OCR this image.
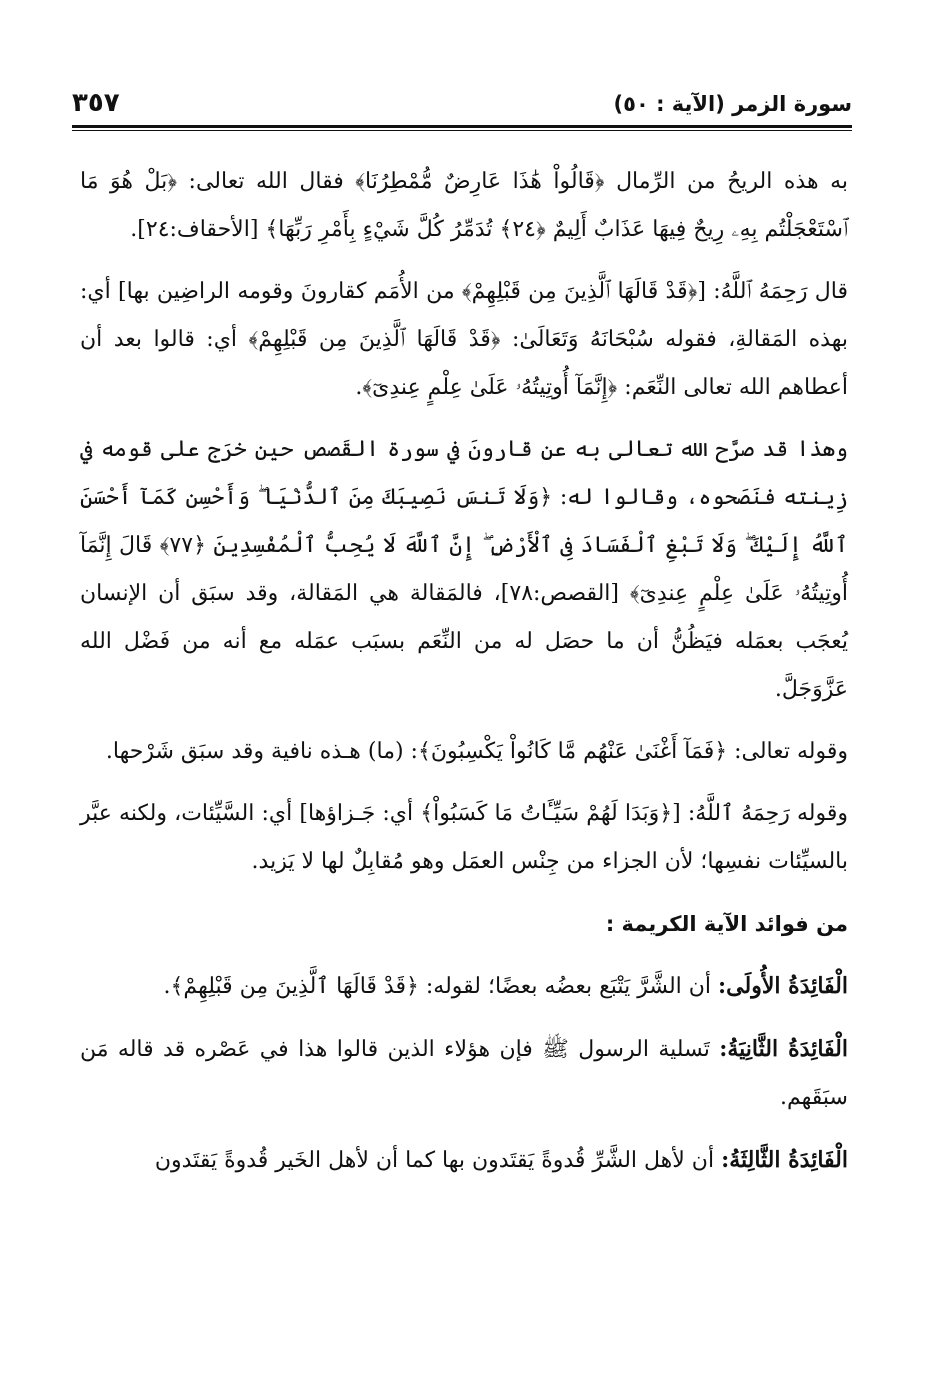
سورة الزمر (الآية : ٥٠)
٣٥٧

به هذه الريحُ من الرِّمال ﴿قَالُواْ هَٰذَا عَارِضٌ مُّمْطِرُنَا﴾ فقال الله تعالى: ﴿بَلْ هُوَ مَا ٱسْتَعْجَلْتُم بِهِۦ رِيحٌ فِيهَا عَذَابٌ أَلِيمٌ ﴿٢٤﴾ تُدَمِّرُ كُلَّ شَيْءٍ بِأَمْرِ رَبِّهَا﴾ [الأحقاف:٢٤].

قال رَحِمَهُ ٱللَّهُ: [﴿قَدْ قَالَهَا ٱلَّذِينَ مِن قَبْلِهِمْ﴾ من الأُمَم كقارونَ وقومه الراضِين بها] أي: بهذه المَقالةِ، فقوله سُبْحَانَهُ وَتَعَالَىٰ: ﴿قَدْ قَالَهَا ٱلَّذِينَ مِن قَبْلِهِمْ﴾ أي: قالوا بعد أن أعطاهم الله تعالى النِّعَم: ﴿إِنَّمَآ أُوتِيتُهُۥ عَلَىٰ عِلْمٍ عِندِىٓ﴾.

وهذا قد صرَّح الله تعالى به عن قارونَ في سورة القَصص حين خرَج على قومه في زِينته فنَصَحوه، وقالوا له: ﴿وَلَا تَنسَ نَصِيبَكَ مِنَ ٱلدُّنْيَا ۖ وَأَحْسِن كَمَآ أَحْسَنَ ٱللَّهُ إِلَيْكَ ۖ وَلَا تَبْغِ ٱلْفَسَادَ فِى ٱلْأَرْضِ ۖ إِنَّ ٱللَّهَ لَا يُحِبُّ ٱلْمُفْسِدِينَ ﴿٧٧﴾ قَالَ إِنَّمَآ أُوتِيتُهُۥ عَلَىٰ عِلْمٍ عِندِىٓ﴾ [القصص:٧٨]، فالمَقالة هي المَقالة، وقد سبَق أن الإنسان يُعجَب بعمَله فيَظُنُّ أن ما حصَل له من النِّعَم بسبَب عمَله مع أنه من فَضْل الله عَزَّوَجَلَّ.

وقوله تعالى: ﴿فَمَآ أَغْنَىٰ عَنْهُم مَّا كَانُواْ يَكْسِبُونَ﴾: (ما) هـذه نافية وقد سبَق شَرْحها.

وقوله رَحِمَهُ ٱللَّهُ: [﴿وَبَدَا لَهُمْ سَيِّـَٔاتُ مَا كَسَبُواْ﴾ أي: جَـزاؤها] أي: السَّيِّئات، ولكنه عبَّر بالسيِّئات نفسِها؛ لأن الجزاء من جِنْس العمَل وهو مُقابِلٌ لها لا يَزيد.

من فوائد الآية الكريمة :

الْفَائِدَةُ الأُولَى: أن الشَّرَّ يَتْبَع بعضُه بعضًا؛ لقوله: ﴿قَدْ قَالَهَا ٱلَّذِينَ مِن قَبْلِهِمْ﴾.

الْفَائِدَةُ الثَّانِيَةُ: تَسلية الرسول ﷺ فإن هؤلاء الذين قالوا هذا في عَصْره قد قاله مَن سبَقَهم.

الْفَائِدَةُ الثَّالِثَةُ: أن لأهل الشَّرِّ قُدوةً يَقتَدون بها كما أن لأهل الخَير قُدوةً يَقتَدون
